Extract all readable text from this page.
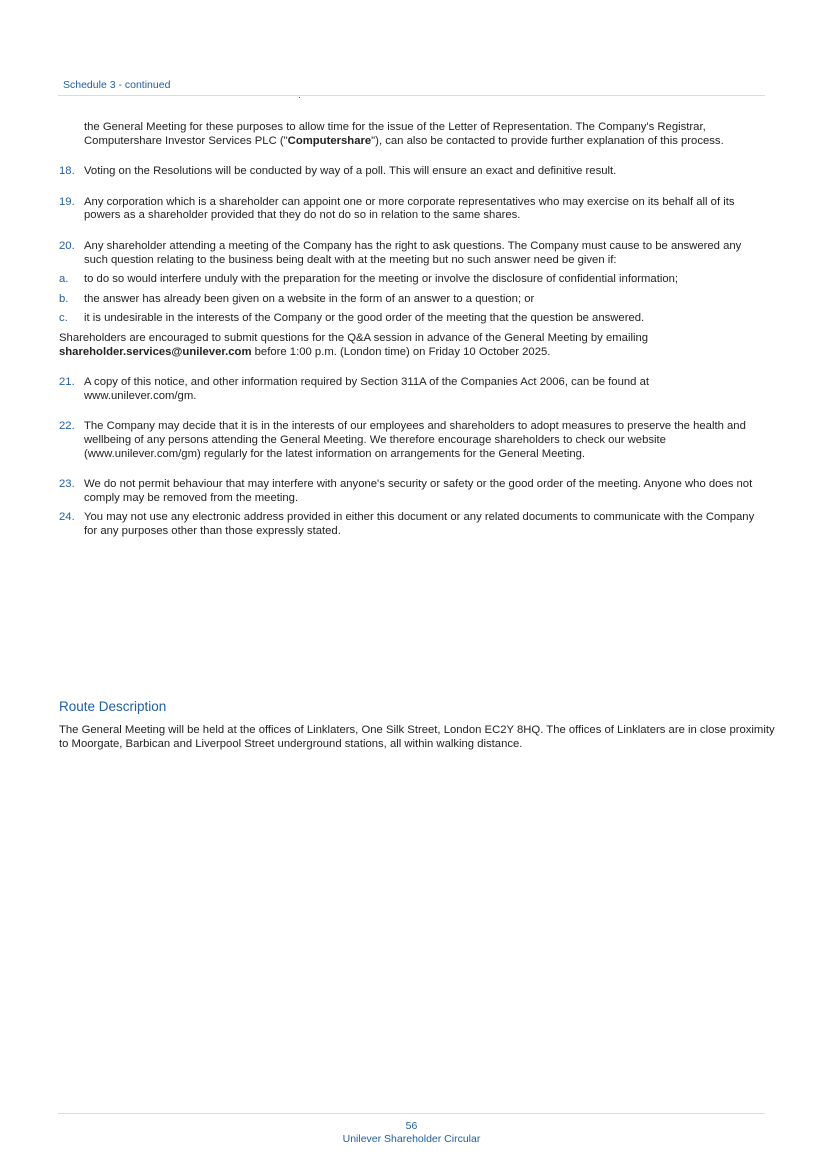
Schedule 3 - continued
the General Meeting for these purposes to allow time for the issue of the Letter of Representation. The Company's Registrar, Computershare Investor Services PLC ("Computershare"), can also be contacted to provide further explanation of this process.
18. Voting on the Resolutions will be conducted by way of a poll. This will ensure an exact and definitive result.
19. Any corporation which is a shareholder can appoint one or more corporate representatives who may exercise on its behalf all of its powers as a shareholder provided that they do not do so in relation to the same shares.
20. Any shareholder attending a meeting of the Company has the right to ask questions. The Company must cause to be answered any such question relating to the business being dealt with at the meeting but no such answer need be given if:
a. to do so would interfere unduly with the preparation for the meeting or involve the disclosure of confidential information;
b. the answer has already been given on a website in the form of an answer to a question; or
c. it is undesirable in the interests of the Company or the good order of the meeting that the question be answered.
Shareholders are encouraged to submit questions for the Q&A session in advance of the General Meeting by emailing shareholder.services@unilever.com before 1:00 p.m. (London time) on Friday 10 October 2025.
21. A copy of this notice, and other information required by Section 311A of the Companies Act 2006, can be found at www.unilever.com/gm.
22. The Company may decide that it is in the interests of our employees and shareholders to adopt measures to preserve the health and wellbeing of any persons attending the General Meeting. We therefore encourage shareholders to check our website (www.unilever.com/gm) regularly for the latest information on arrangements for the General Meeting.
23. We do not permit behaviour that may interfere with anyone's security or safety or the good order of the meeting. Anyone who does not comply may be removed from the meeting.
24. You may not use any electronic address provided in either this document or any related documents to communicate with the Company for any purposes other than those expressly stated.
Route Description
The General Meeting will be held at the offices of Linklaters, One Silk Street, London EC2Y 8HQ. The offices of Linklaters are in close proximity to Moorgate, Barbican and Liverpool Street underground stations, all within walking distance.
56
Unilever Shareholder Circular
